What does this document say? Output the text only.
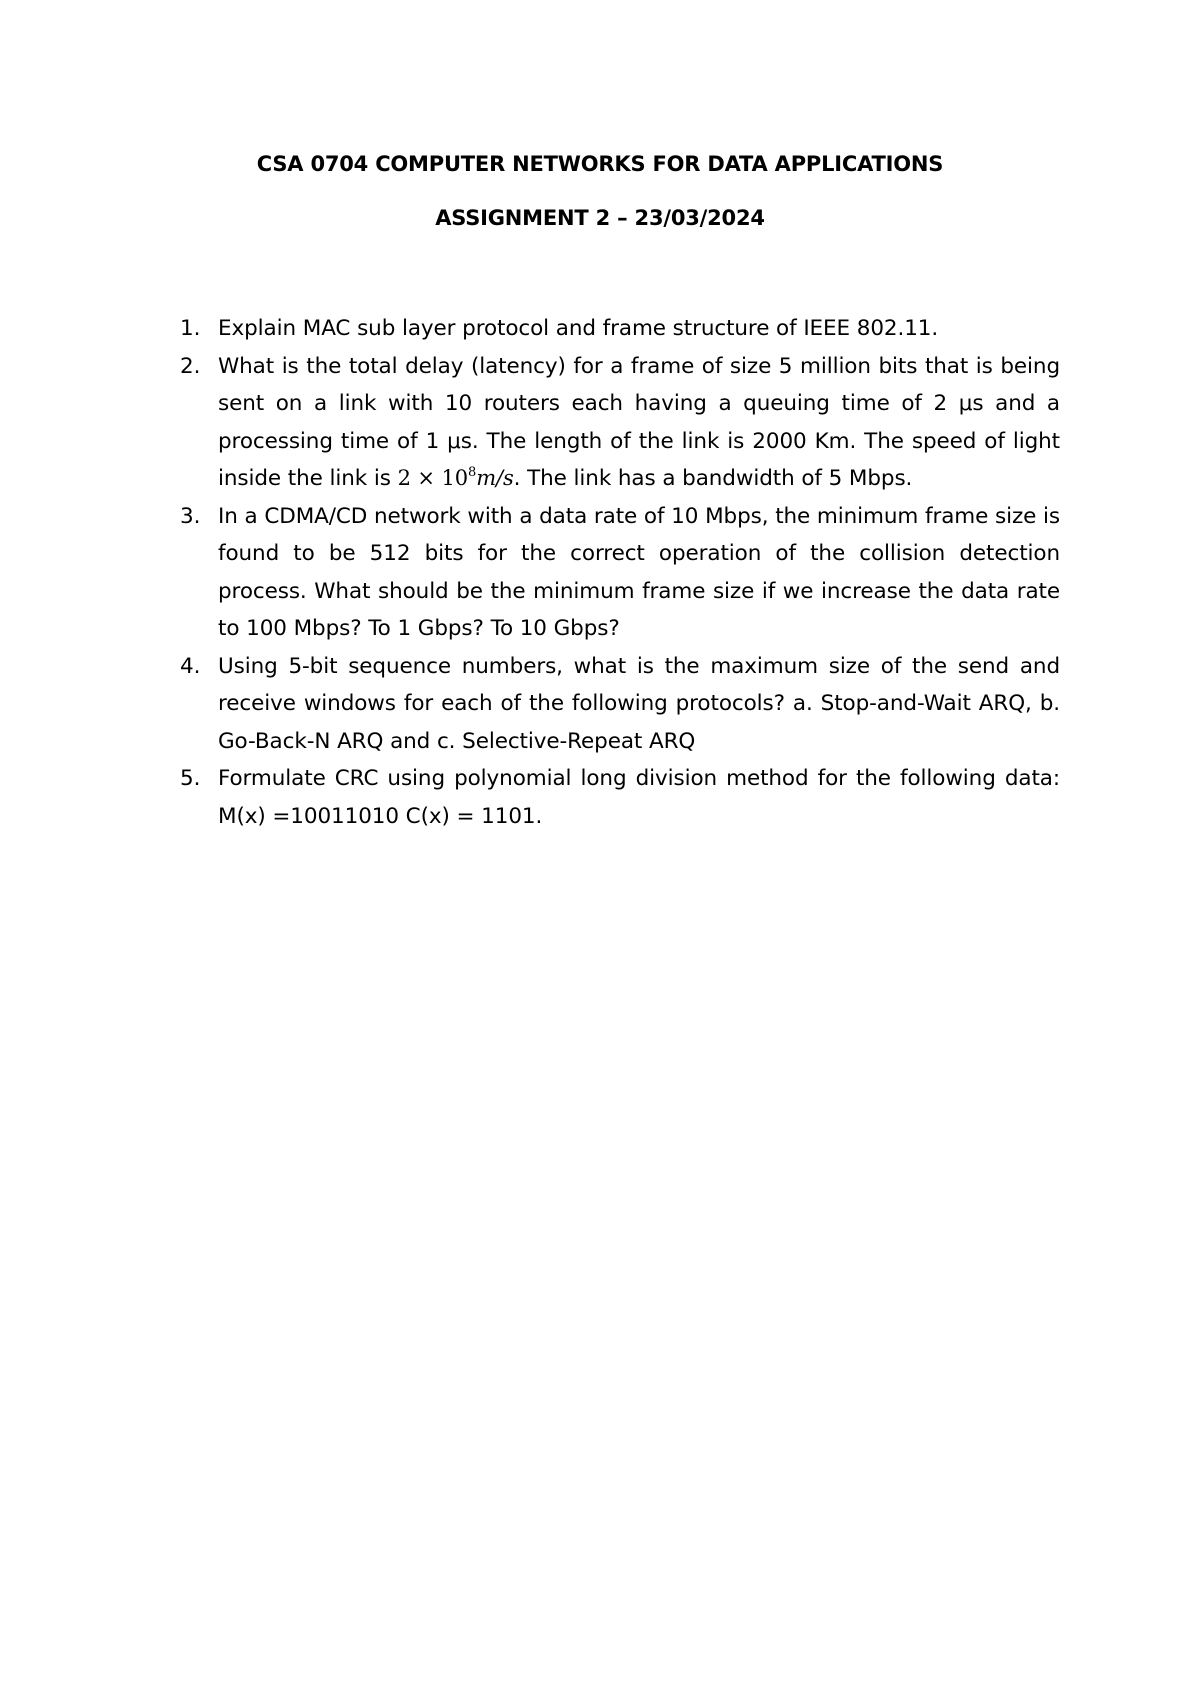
CSA 0704 COMPUTER NETWORKS FOR DATA APPLICATIONS
ASSIGNMENT 2 – 23/03/2024
1. Explain MAC sub layer protocol and frame structure of IEEE 802.11.
2. What is the total delay (latency) for a frame of size 5 million bits that is being sent on a link with 10 routers each having a queuing time of 2 μs and a processing time of 1 μs. The length of the link is 2000 Km. The speed of light inside the link is $2 \times 10^8m/s$. The link has a bandwidth of 5 Mbps.
3. In a CDMA/CD network with a data rate of 10 Mbps, the minimum frame size is found to be 512 bits for the correct operation of the collision detection process. What should be the minimum frame size if we increase the data rate to 100 Mbps? To 1 Gbps? To 10 Gbps?
4. Using 5-bit sequence numbers, what is the maximum size of the send and receive windows for each of the following protocols? a. Stop-and-Wait ARQ, b. Go-Back-N ARQ and c. Selective-Repeat ARQ
5. Formulate CRC using polynomial long division method for the following data: M(x) =10011010 C(x) = 1101.
